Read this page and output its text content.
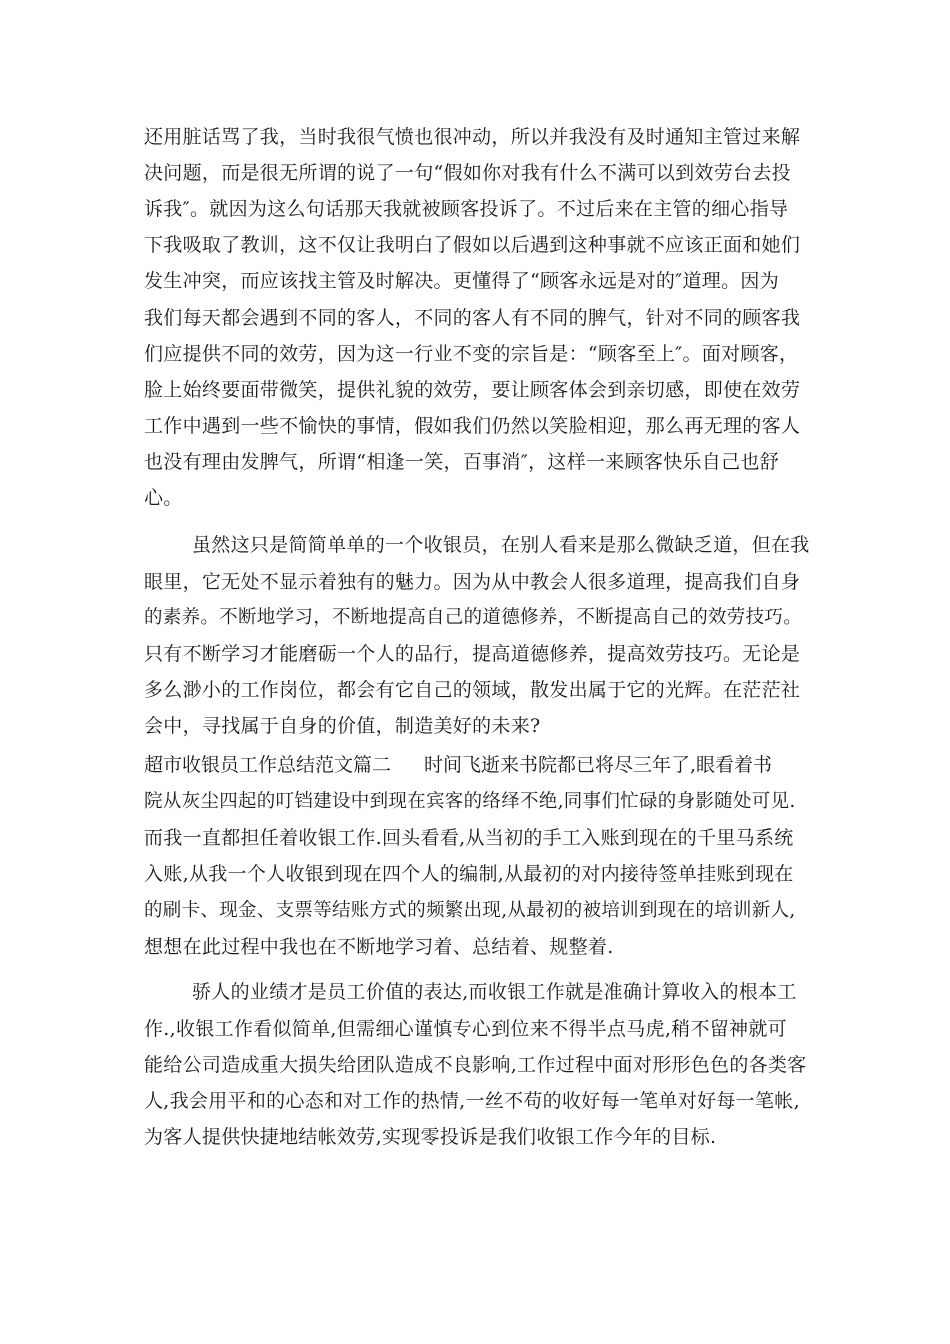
还用脏话骂了我，当时我很气愤也很冲动，所以并我没有及时通知主管过来解
决问题，而是很无所谓的说了一句“假如你对我有什么不满可以到效劳台去投
诉我″。就因为这么句话那天我就被顾客投诉了。不过后来在主管的细心指导
下我吸取了教训，这不仅让我明白了假如以后遇到这种事就不应该正面和她们
发生冲突，而应该找主管及时解决。更懂得了“顾客永远是对的″道理。因为
我们每天都会遇到不同的客人，不同的客人有不同的脾气，针对不同的顾客我
们应提供不同的效劳，因为这一行业不变的宗旨是：“顾客至上″。面对顾客，
脸上始终要面带微笑，提供礼貌的效劳，要让顾客体会到亲切感，即使在效劳
工作中遇到一些不愉快的事情，假如我们仍然以笑脸相迎，那么再无理的客人
也没有理由发脾气，所谓“相逢一笑，百事消″，这样一来顾客快乐自己也舒
心。
虽然这只是简简单单的一个收银员，在别人看来是那么微缺乏道，但在我
眼里，它无处不显示着独有的魅力。因为从中教会人很多道理，提高我们自身
的素养。不断地学习，不断地提高自己的道德修养，不断提高自己的效劳技巧。
只有不断学习才能磨砺一个人的品行，提高道德修养，提高效劳技巧。无论是
多么渺小的工作岗位，都会有它自己的领域，散发出属于它的光辉。在茫茫社
会中，寻找属于自身的价值，制造美好的未来?
超市收银员工作总结范文篇二 时间飞逝来书院都已将尽三年了,眼看着书
院从灰尘四起的叮铛建设中到现在宾客的络绎不绝,同事们忙碌的身影随处可见.
而我一直都担任着收银工作.回头看看,从当初的手工入账到现在的千里马系统
入账,从我一个人收银到现在四个人的编制,从最初的对内接待签单挂账到现在
的刷卡、现金、支票等结账方式的频繁出现,从最初的被培训到现在的培训新人,
想想在此过程中我也在不断地学习着、总结着、规整着.
骄人的业绩才是员工价值的表达,而收银工作就是准确计算收入的根本工
作.,收银工作看似简单,但需细心谨慎专心到位来不得半点马虎,稍不留神就可
能给公司造成重大损失给团队造成不良影响,工作过程中面对形形色色的各类客
人,我会用平和的心态和对工作的热情,一丝不苟的收好每一笔单对好每一笔帐,
为客人提供快捷地结帐效劳,实现零投诉是我们收银工作今年的目标.
